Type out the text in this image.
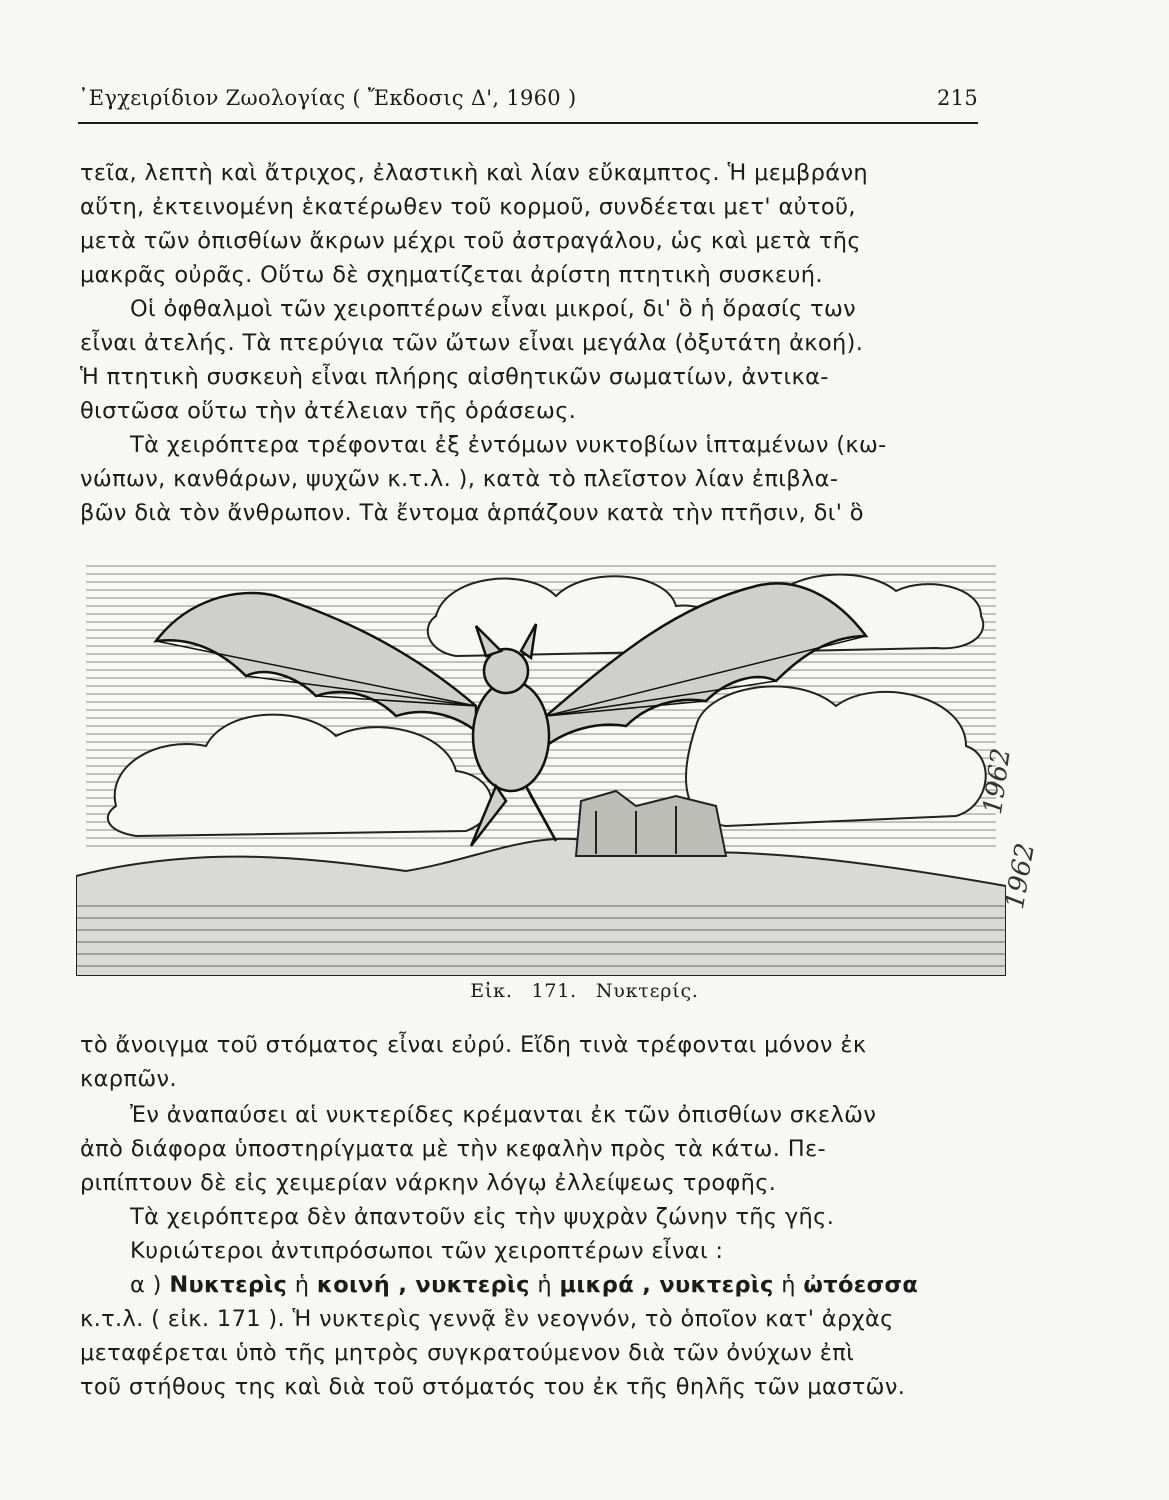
᾿Εγχειρίδιον Ζωολογίας ( Ἔκδοσις Δ', 1960 )	215
τεῖα, λεπτὴ καὶ ἄτριχος, ἐλαστικὴ καὶ λίαν εὔκαμπτος. Ἡ μεμβράνη
αὕτη, ἐκτεινομένη ἑκατέρωθεν τοῦ κορμοῦ, συνδέεται μετ' αὐτοῦ,
μετὰ τῶν ὀπισθίων ἄκρων μέχρι τοῦ ἀστραγάλου, ὡς καὶ μετὰ τῆς
μακρᾶς οὐρᾶς. Οὕτω δὲ σχηματίζεται ἀρίστη πτητικὴ συσκευή.
Οἱ ὀφθαλμοὶ τῶν χειροπτέρων εἶναι μικροί, δι' ὃ ἡ ὅρασίς των
εἶναι ἀτελής. Τὰ πτερύγια τῶν ὤτων εἶναι μεγάλα (ὀξυτάτη ἀκοή).
Ἡ πτητικὴ συσκευὴ εἶναι πλήρης αἰσθητικῶν σωματίων, ἀντικα-
θιστῶσα οὕτω τὴν ἀτέλειαν τῆς ὁράσεως.
Τὰ χειρόπτερα τρέφονται ἐξ ἐντόμων νυκτοβίων ἱπταμένων (κω-
νώπων, κανθάρων, ψυχῶν κ.τ.λ. ), κατὰ τὸ πλεῖστον λίαν ἐπιβλα-
βῶν διὰ τὸν ἄνθρωπον. Τὰ ἔντομα ἁρπάζουν κατὰ τὴν πτῆσιν, δι' ὃ
Εἰκ. 171. Νυκτερίς.
τὸ ἄνοιγμα τοῦ στόματος εἶναι εὐρύ. Εἴδη τινὰ τρέφονται μόνον ἐκ
καρπῶν.
Ἐν ἀναπαύσει αἱ νυκτερίδες κρέμανται ἐκ τῶν ὀπισθίων σκελῶν
ἀπὸ διάφορα ὑποστηρίγματα μὲ τὴν κεφαλὴν πρὸς τὰ κάτω. Πε-
ριπίπτουν δὲ εἰς χειμερίαν νάρκην λόγῳ ἐλλείψεως τροφῆς.
Τὰ χειρόπτερα δὲν ἀπαντοῦν εἰς τὴν ψυχρὰν ζώνην τῆς γῆς.
Κυριώτεροι ἀντιπρόσωποι τῶν χειροπτέρων εἶναι :
α ) Νυκτερὶς ἡ κοινή , νυκτερὶς ἡ μικρά , νυκτερὶς ἡ ὠτόεσσα
κ.τ.λ. ( εἰκ. 171 ). Ἡ νυκτερὶς γεννᾷ ἓν νεογνόν, τὸ ὁποῖον κατ' ἀρχὰς
μεταφέρεται ὑπὸ τῆς μητρὸς συγκρατούμενον διὰ τῶν ὀνύχων ἐπὶ
τοῦ στήθους της καὶ διὰ τοῦ στόματός του ἐκ τῆς θηλῆς τῶν μαστῶν.
1962
1962
